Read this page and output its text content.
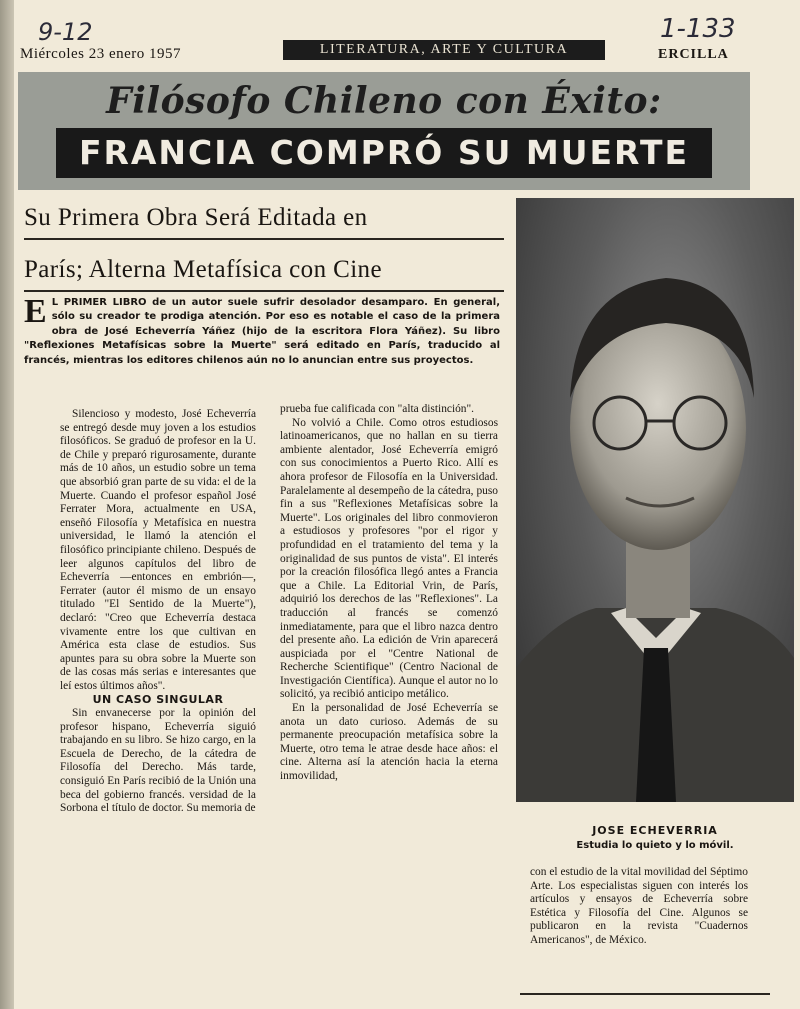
9-12	1-133
Miércoles 23 enero 1957	LITERATURA, ARTE Y CULTURA	ERCILLA
Filósofo Chileno con Éxito:
FRANCIA COMPRÓ SU MUERTE
Su Primera Obra Será Editada en
París; Alterna Metafísica con Cine
E L PRIMER LIBRO de un autor suele sufrir desolador desamparo. En general, sólo su creador te prodiga atención. Por eso es notable el caso de la primera obra de José Echeverría Yáñez (hijo de la escritora Flora Yáñez). Su libro "Reflexiones Metafísicas sobre la Muerte" será editado en París, traducido al francés, mientras los editores chilenos aún no lo anuncian entre sus proyectos.

Silencioso y modesto, José Echeverría se entregó desde muy joven a los estudios filosóficos. Se graduó de profesor en la U. de Chile y preparó rigurosamente, durante más de 10 años, un estudio sobre un tema que absorbió gran parte de su vida: el de la Muerte. Cuando el profesor español José Ferrater Mora, actualmente en USA, enseñó Filosofía y Metafísica en nuestra universidad, le llamó la atención el filosófico principiante chileno. Después de leer algunos capítulos del libro de Echeverría —entonces en embrión—, Ferrater (autor él mismo de un ensayo titulado "El Sentido de la Muerte"), declaró: "Creo que Echeverría destaca vivamente entre los que cultivan en América esta clase de estudios. Sus apuntes para su obra sobre la Muerte son de las cosas más serias e interesantes que leí estos últimos años".

UN CASO SINGULAR

Sin envanecerse por la opinión del profesor hispano, Echeverría siguió trabajando en su libro. Se hizo cargo, en la Escuela de Derecho, de la cátedra de Filosofía del Derecho. Más tarde, consiguió En París recibió de la Unión una beca del gobierno francés. versidad de la Sorbona el título de doctor. Su memoria de

prueba fue calificada con "alta distinción".

No volvió a Chile. Como otros estudiosos latinoamericanos, que no hallan en su tierra ambiente alentador, José Echeverría emigró con sus conocimientos a Puerto Rico. Allí es ahora profesor de Filosofía en la Universidad. Paralelamente al desempeño de la cátedra, puso fin a sus "Reflexiones Metafísicas sobre la Muerte". Los originales del libro conmovieron a estudiosos y profesores "por el rigor y profundidad en el tratamiento del tema y la originalidad de sus puntos de vista". El interés por la creación filosófica llegó antes a Francia que a Chile. La Editorial Vrin, de París, adquirió los derechos de las "Reflexiones". La traducción al francés se comenzó inmediatamente, para que el libro nazca dentro del presente año. La edición de Vrin aparecerá auspiciada por el "Centre National de Recherche Scientifique" (Centro Nacional de Investigación Científica). Aunque el autor no lo solicitó, ya recibió anticipo metálico.

En la personalidad de José Echeverría se anota un dato curioso. Además de su permanente preocupación metafísica sobre la Muerte, otro tema le atrae desde hace años: el cine. Alterna así la atención hacia la eterna inmovilidad,

JOSE ECHEVERRIA
Estudia lo quieto y lo móvil.

con el estudio de la vital movilidad del Séptimo Arte. Los especialistas siguen con interés los artículos y ensayos de Echeverría sobre Estética y Filosofía del Cine. Algunos se publicaron en la revista "Cuadernos Americanos", de México.
